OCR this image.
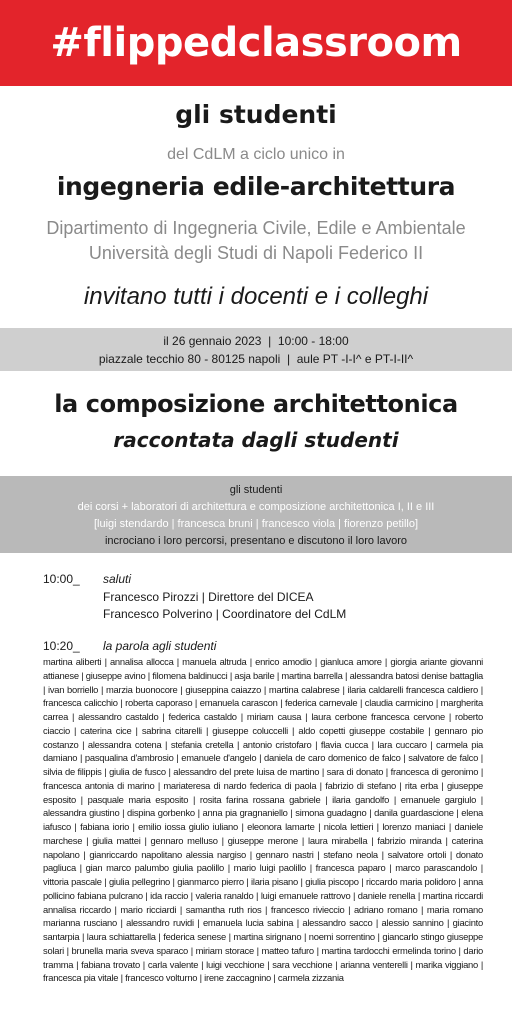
#flippedclassroom
gli studenti
del CdLM a ciclo unico in
ingegneria edile-architettura
Dipartimento di Ingegneria Civile, Edile e Ambientale
Università degli Studi di Napoli Federico II
invitano tutti i docenti e i colleghi
il 26 gennaio 2023  |  10:00 - 18:00
piazzale tecchio 80 - 80125 napoli  |  aule PT -I-I^ e PT-I-II^
la composizione architettonica
raccontata dagli studenti
gli studenti
dei corsi + laboratori di architettura e composizione architettonica I, II e III
[luigi stendardo | francesca bruni | francesco viola | fiorenzo petillo]
incrociano i loro percorsi, presentano e discutono il loro lavoro
10:00_	saluti
Francesco Pirozzi | Direttore del DICEA
Francesco Polverino | Coordinatore del CdLM
10:20_	la parola agli studenti
martina aliberti | annalisa allocca | manuela altruda | enrico amodio | gianluca amore | giorgia ariante giovanni attianese | giuseppe avino | filomena baldinucci | asja barile | martina barrella | alessandra batosi denise battaglia | ivan borriello | marzia buonocore | giuseppina caiazzo | martina calabrese | ilaria caldarelli francesca caldiero | francesca calicchio | roberta caporaso | emanuela carascon | federica carnevale | claudia carmicino | margherita carrea | alessandro castaldo | federica castaldo | miriam causa | laura cerbone francesca cervone | roberto ciaccio | caterina cice | sabrina citarelli | giuseppe coluccelli | aldo copetti giuseppe costabile | gennaro pio costanzo | alessandra cotena | stefania cretella | antonio cristofaro | flavia cucca | lara cuccaro | carmela pia damiano | pasqualina d'ambrosio | emanuele d'angelo | daniela de caro domenico de falco | salvatore de falco | silvia de filippis | giulia de fusco | alessandro del prete luisa de martino | sara di donato | francesca di geronimo | francesca antonia di marino | mariateresa di nardo federica di paola | fabrizio di stefano | rita erba | giuseppe esposito | pasquale maria esposito | rosita farina rossana gabriele | ilaria gandolfo | emanuele gargiulo | alessandra giustino | dispina gorbenko | anna pia gragnaniello | simona guadagno | danila guardascione | elena iafusco | fabiana iorio | emilio iossa giulio iuliano | eleonora lamarte | nicola lettieri | lorenzo maniaci | daniele marchese | giulia mattei | gennaro melluso | giuseppe merone | laura mirabella | fabrizio miranda | caterina napolano | gianriccardo napolitano alessia nargiso | gennaro nastri | stefano neola | salvatore ortoli | donato pagliuca | gian marco palumbo giulia paolillo | mario luigi paolillo | francesca paparo | marco parascandolo | vittoria pascale | giulia pellegrino | gianmarco pierro | ilaria pisano | giulia piscopo | riccardo maria polidoro | anna pollicino fabiana pulcrano | ida raccio | valeria ranaldo | luigi emanuele rattrovo | daniele renella | martina riccardi annalisa riccardo | mario ricciardi | samantha ruth rios | francesco rivieccio | adriano romano | maria romano marianna rusciano | alessandro ruvidi | emanuela lucia sabina | alessandro sacco | alessio sannino | giacinto santarpia | laura schiattarella | federica senese | martina sirignano | noemi sorrentino | giancarlo stingo giuseppe solari | brunella maria sveva sparaco | miriam storace | matteo tafuro | martina tardocchi ermelinda torino | dario tramma | fabiana trovato | carla valente | luigi vecchione | sara vecchione | arianna venterelli | marika viggiano | francesca pia vitale | francesco volturno | irene zaccagnino | carmela zizzania
